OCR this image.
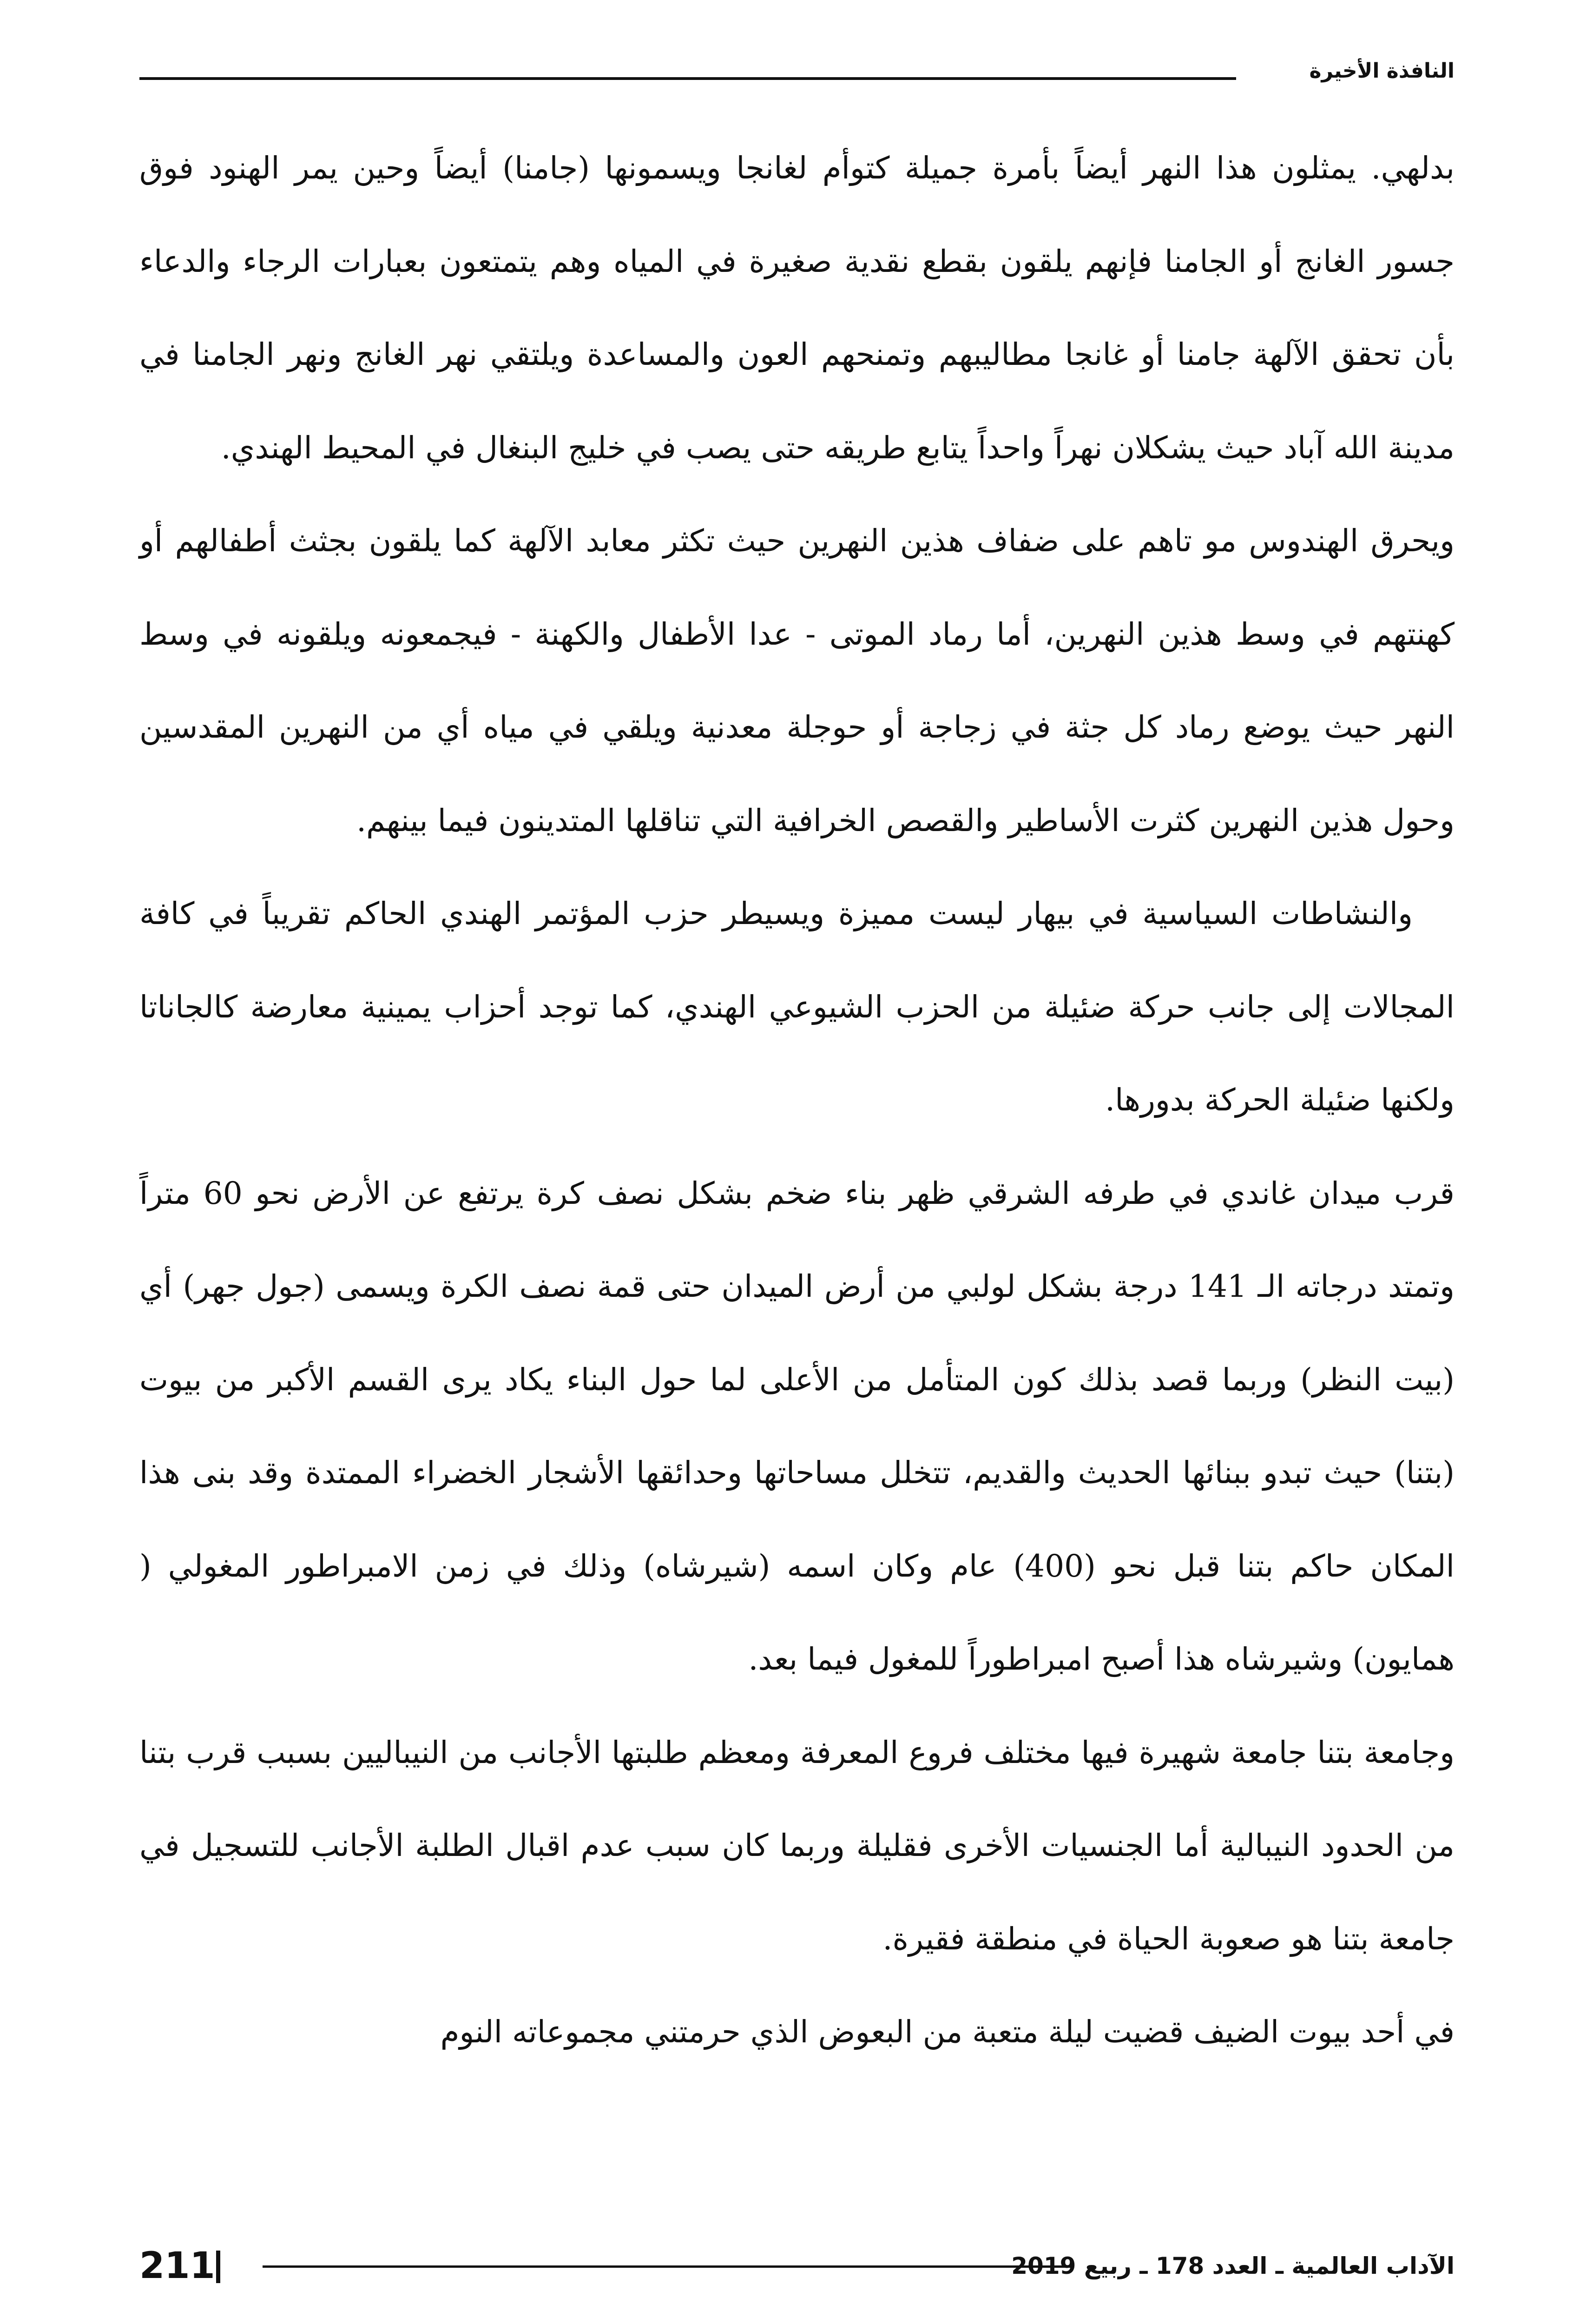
النافذة الأخيرة

بدلهي. يمثلون هذا النهر أيضاً بأمرة جميلة كتوأم لغانجا ويسمونها (جامنا) أيضاً وحين يمر الهنود فوق جسور الغانج أو الجامنا فإنهم يلقون بقطع نقدية صغيرة في المياه وهم يتمتعون بعبارات الرجاء والدعاء بأن تحقق الآلهة جامنا أو غانجا مطاليبهم وتمنحهم العون والمساعدة ويلتقي نهر الغانج ونهر الجامنا في مدينة الله آباد حيث يشكلان نهراً واحداً يتابع طريقه حتى يصب في خليج البنغال في المحيط الهندي.

ويحرق الهندوس مو تاهم على ضفاف هذين النهرين حيث تكثر معابد الآلهة كما يلقون بجثث أطفالهم أو كهنتهم في وسط هذين النهرين، أما رماد الموتى - عدا الأطفال والكهنة - فيجمعونه ويلقونه في وسط النهر حيث يوضع رماد كل جثة في زجاجة أو حوجلة معدنية ويلقي في مياه أي من النهرين المقدسين وحول هذين النهرين كثرت الأساطير والقصص الخرافية التي تناقلها المتدينون فيما بينهم.

والنشاطات السياسية في بيهار ليست مميزة ويسيطر حزب المؤتمر الهندي الحاكم تقريباً في كافة المجالات إلى جانب حركة ضئيلة من الحزب الشيوعي الهندي، كما توجد أحزاب يمينية معارضة كالجاناتا ولكنها ضئيلة الحركة بدورها.

قرب ميدان غاندي في طرفه الشرقي ظهر بناء ضخم بشكل نصف كرة يرتفع عن الأرض نحو 60 متراً وتمتد درجاته الـ 141 درجة بشكل لولبي من أرض الميدان حتى قمة نصف الكرة ويسمى (جول جهر) أي (بيت النظر) وربما قصد بذلك كون المتأمل من الأعلى لما حول البناء يكاد يرى القسم الأكبر من بيوت (بتنا) حيث تبدو ببنائها الحديث والقديم، تتخلل مساحاتها وحدائقها الأشجار الخضراء الممتدة وقد بنى هذا المكان حاكم بتنا قبل نحو (400) عام وكان اسمه (شيرشاه) وذلك في زمن الامبراطور المغولي ( همايون) وشيرشاه هذا أصبح امبراطوراً للمغول فيما بعد.

وجامعة بتنا جامعة شهيرة فيها مختلف فروع المعرفة ومعظم طلبتها الأجانب من النيباليين بسبب قرب بتنا من الحدود النيبالية أما الجنسيات الأخرى فقليلة وربما كان سبب عدم اقبال الطلبة الأجانب للتسجيل في جامعة بتنا هو صعوبة الحياة في منطقة فقيرة.

في أحد بيوت الضيف قضيت ليلة متعبة من البعوض الذي حرمتني مجموعاته النوم

211	الآداب العالمية ـ العدد 178 ـ ربيع 2019
